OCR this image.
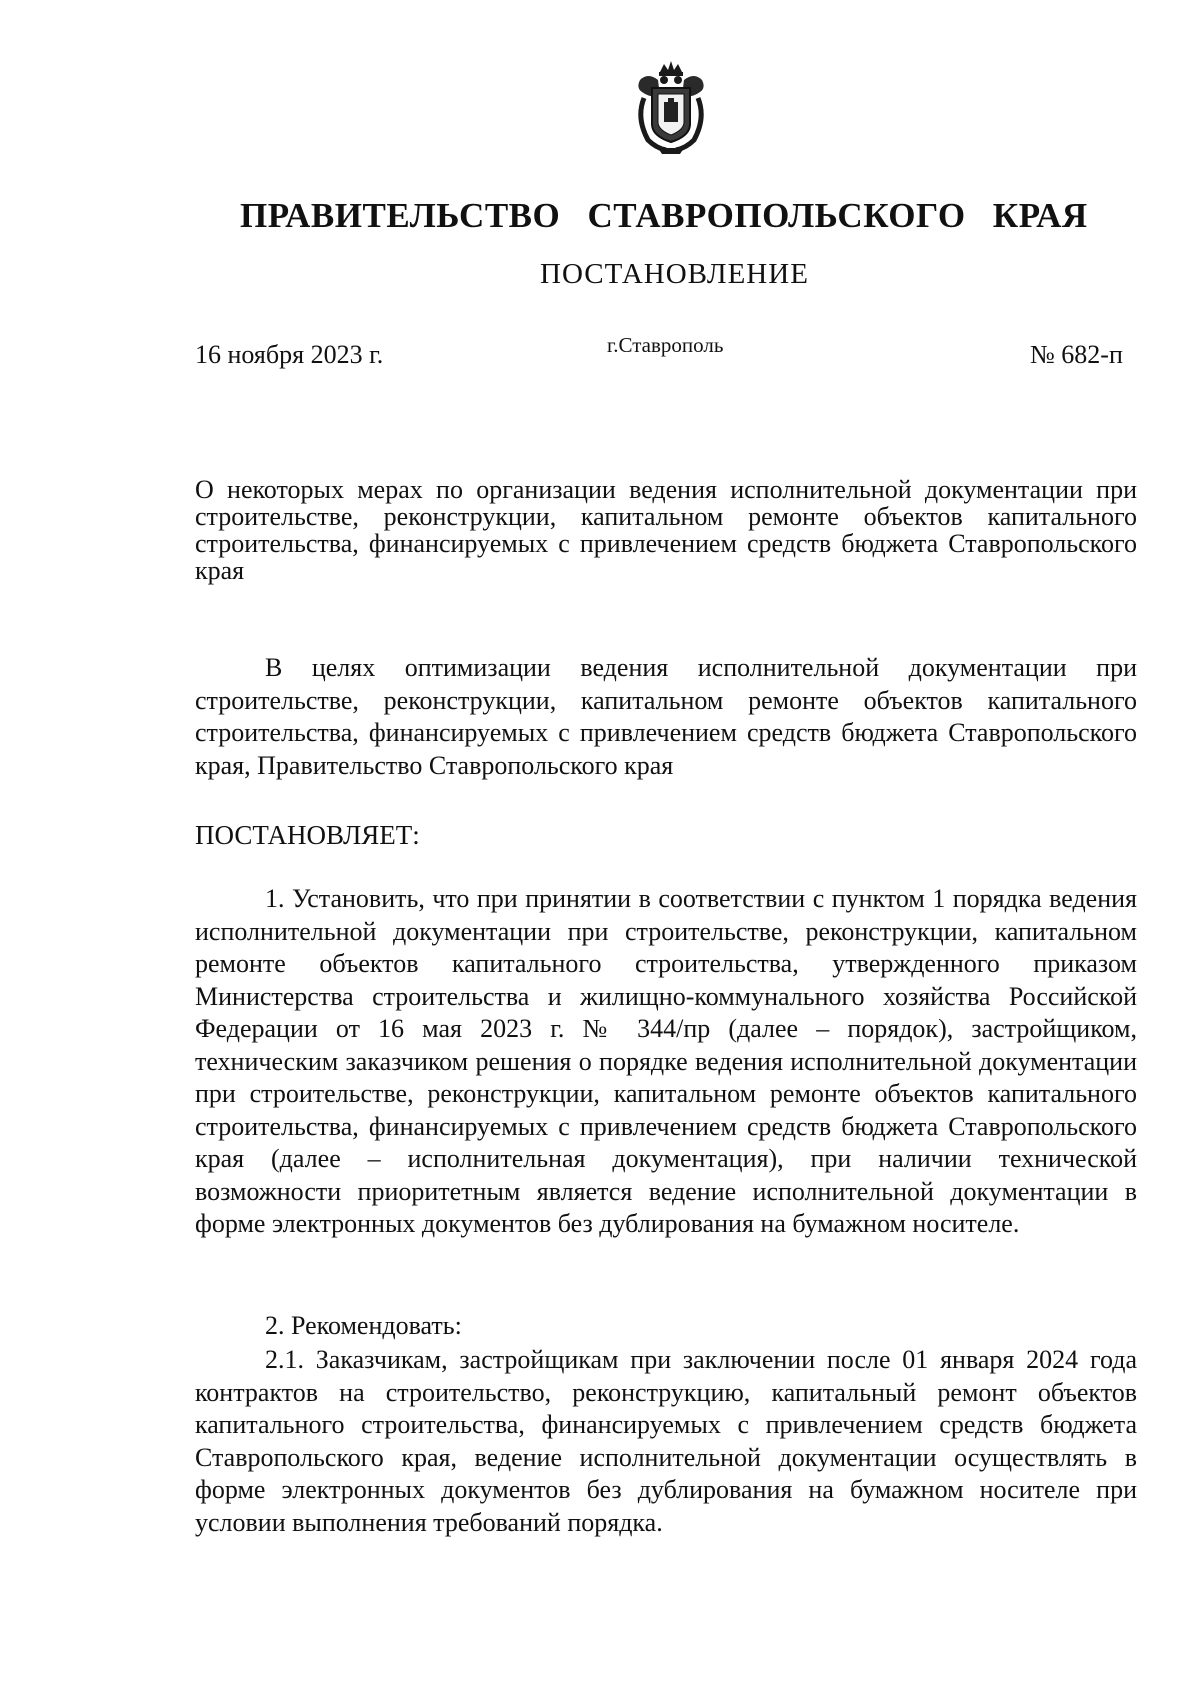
ПРАВИТЕЛЬСТВО СТАВРОПОЛЬСКОГО КРАЯ
ПОСТАНОВЛЕНИЕ
16 ноября 2023 г.	г.Ставрополь	№ 682-п
О некоторых мерах по организации ведения исполнительной документации при строительстве, реконструкции, капитальном ремонте объектов капитального строительства, финансируемых с привлечением средств бюджета Ставропольского края

В целях оптимизации ведения исполнительной документации при строительстве, реконструкции, капитальном ремонте объектов капитального строительства, финансируемых с привлечением средств бюджета Ставропольского края, Правительство Ставропольского края

ПОСТАНОВЛЯЕТ:

1. Установить, что при принятии в соответствии с пунктом 1 порядка ведения исполнительной документации при строительстве, реконструкции, капитальном ремонте объектов капитального строительства, утвержденного приказом Министерства строительства и жилищно-коммунального хозяйства Российской Федерации от 16 мая 2023 г. № 344/пр (далее – порядок), застройщиком, техническим заказчиком решения о порядке ведения исполнительной документации при строительстве, реконструкции, капитальном ремонте объектов капитального строительства, финансируемых с привлечением средств бюджета Ставропольского края (далее – исполнительная документация), при наличии технической возможности приоритетным является ведение исполнительной документации в форме электронных документов без дублирования на бумажном носителе.

2. Рекомендовать:

2.1. Заказчикам, застройщикам при заключении после 01 января 2024 года контрактов на строительство, реконструкцию, капитальный ремонт объектов капитального строительства, финансируемых с привлечением средств бюджета Ставропольского края, ведение исполнительной документации осуществлять в форме электронных документов без дублирования на бумажном носителе при условии выполнения требований порядка.
